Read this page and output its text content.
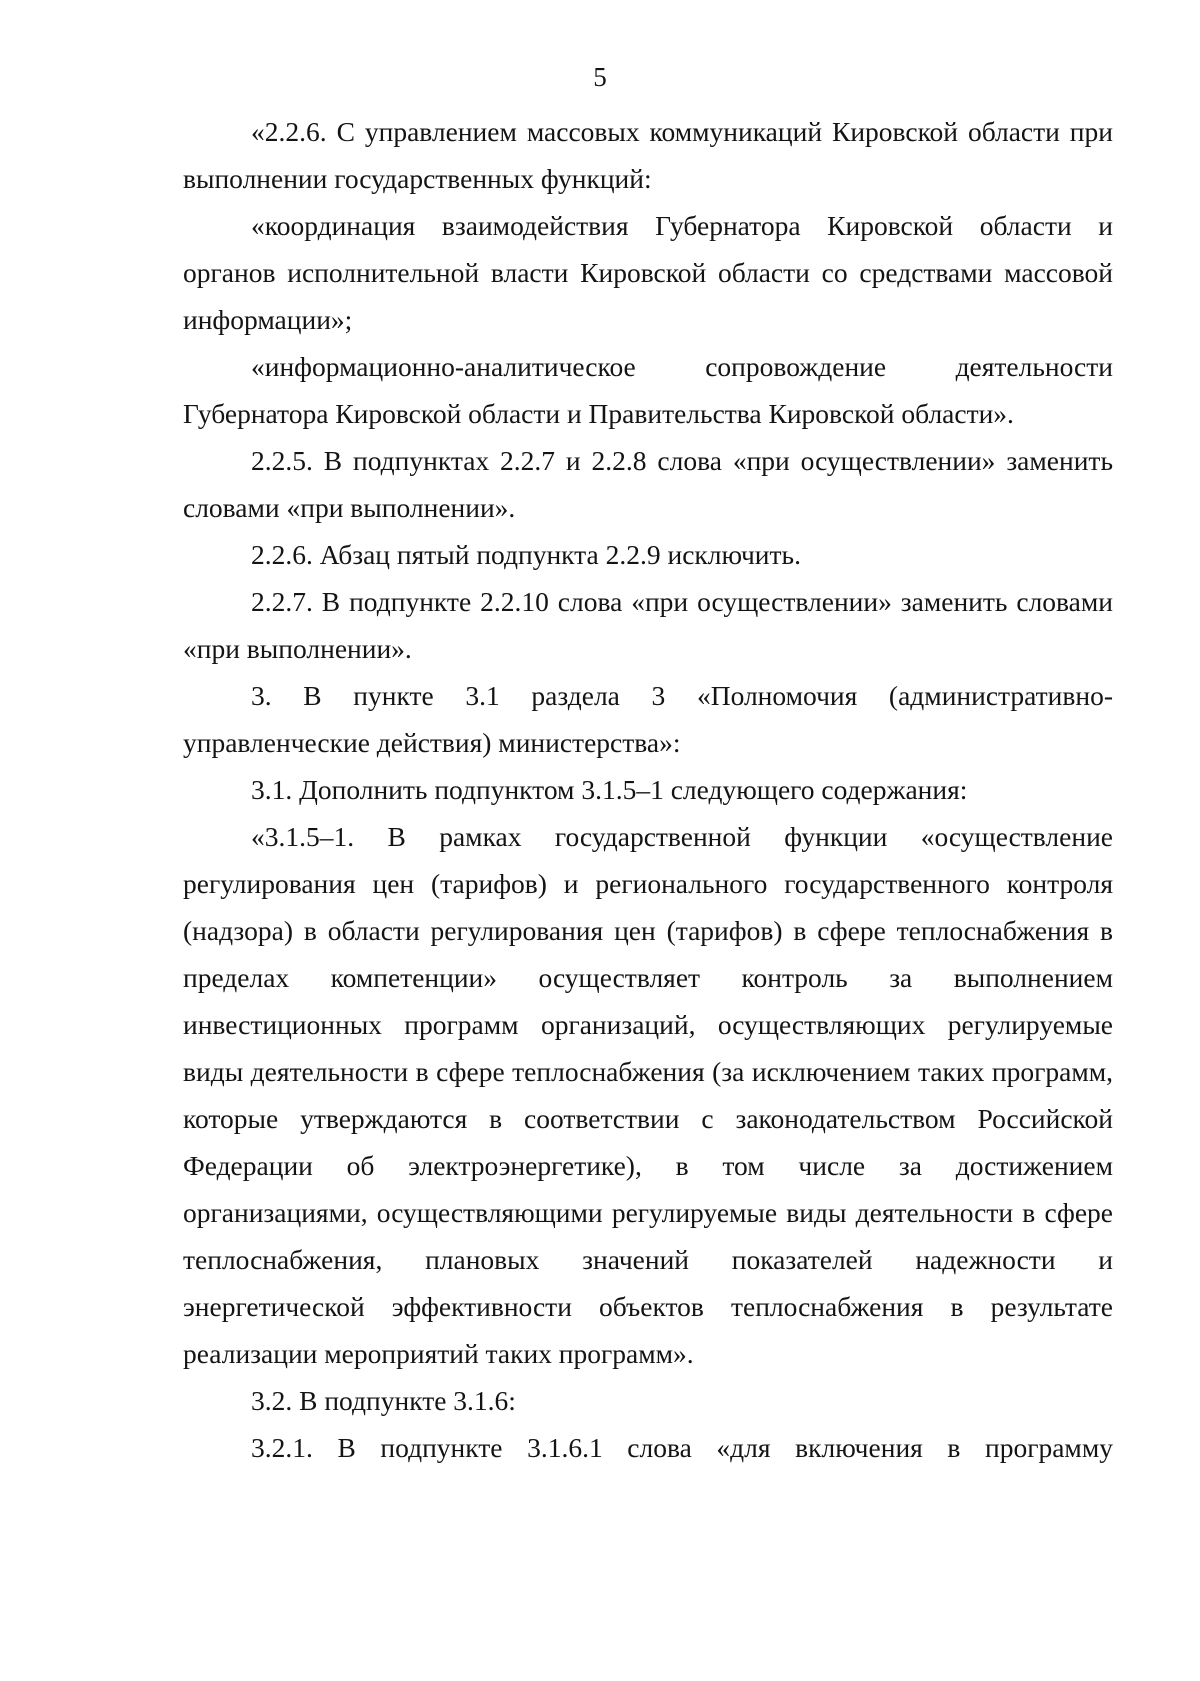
5

«2.2.6. С управлением массовых коммуникаций Кировской области при выполнении государственных функций:

«координация взаимодействия Губернатора Кировской области и органов исполнительной власти Кировской области со средствами массовой информации»;

«информационно-аналитическое сопровождение деятельности Губернатора Кировской области и Правительства Кировской области».

2.2.5. В подпунктах 2.2.7 и 2.2.8 слова «при осуществлении» заменить словами «при выполнении».

2.2.6. Абзац пятый подпункта 2.2.9 исключить.

2.2.7. В подпункте 2.2.10 слова «при осуществлении» заменить словами «при выполнении».

3. В пункте 3.1 раздела 3 «Полномочия (административно-управленческие действия) министерства»:

3.1. Дополнить подпунктом 3.1.5–1 следующего содержания:

«3.1.5–1. В рамках государственной функции «осуществление регулирования цен (тарифов) и регионального государственного контроля (надзора) в области регулирования цен (тарифов) в сфере теплоснабжения в пределах компетенции» осуществляет контроль за выполнением инвестиционных программ организаций, осуществляющих регулируемые виды деятельности в сфере теплоснабжения (за исключением таких программ, которые утверждаются в соответствии с законодательством Российской Федерации об электроэнергетике), в том числе за достижением организациями, осуществляющими регулируемые виды деятельности в сфере теплоснабжения, плановых значений показателей надежности и энергетической эффективности объектов теплоснабжения в результате реализации мероприятий таких программ».

3.2. В подпункте 3.1.6:

3.2.1. В подпункте 3.1.6.1 слова «для включения в программу
